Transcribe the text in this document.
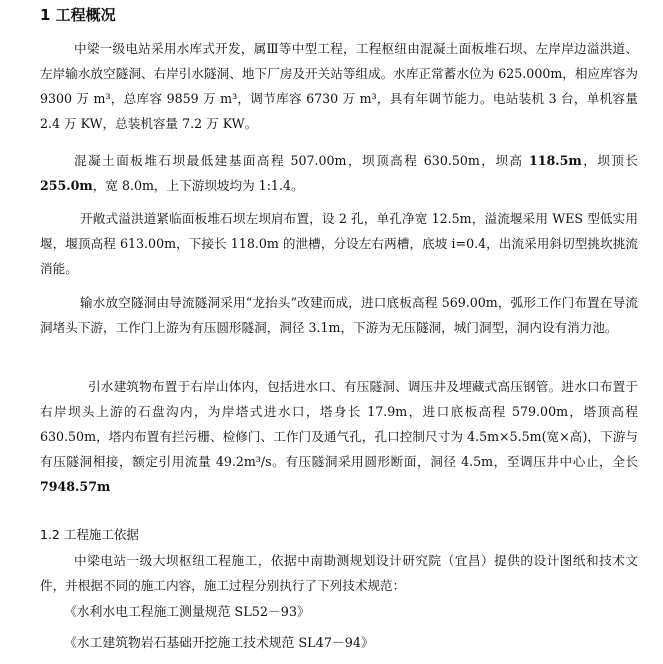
1 工程概况

中梁一级电站采用水库式开发，属Ⅲ等中型工程，工程枢纽由混凝土面板堆石坝、左岸岸边溢洪道、左岸输水放空隧洞、右岸引水隧洞、地下厂房及开关站等组成。水库正常蓄水位为 625.000m，相应库容为 9300 万 m³，总库容 9859 万 m³，调节库容 6730 万 m³，具有年调节能力。电站装机 3 台，单机容量 2.4 万 KW，总装机容量 7.2 万 KW。

混凝土面板堆石坝最低建基面高程 507.00m，坝顶高程 630.50m，坝高 118.5m，坝顶长 255.0m，宽 8.0m，上下游坝坡均为 1:1.4。

开敞式溢洪道紧临面板堆石坝左坝肩布置，设 2 孔，单孔净宽 12.5m，溢流堰采用 WES 型低实用堰，堰顶高程 613.00m，下接长 118.0m 的泄槽，分设左右两槽，底坡 i=0.4，出流采用斜切型挑坎挑流消能。

输水放空隧洞由导流隧洞采用“龙抬头”改建而成，进口底板高程 569.00m，弧形工作门布置在导流洞堵头下游，工作门上游为有压圆形隧洞，洞径 3.1m，下游为无压隧洞，城门洞型，洞内设有消力池。

引水建筑物布置于右岸山体内，包括进水口、有压隧洞、调压井及埋藏式高压钢管。进水口布置于右岸坝头上游的石盘沟内，为岸塔式进水口，塔身长 17.9m，进口底板高程 579.00m，塔顶高程 630.50m，塔内布置有拦污栅、检修门、工作门及通气孔，孔口控制尺寸为 4.5m×5.5m(宽×高)，下游与有压隧洞相接，额定引用流量 49.2m³/s。有压隧洞采用圆形断面，洞径 4.5m，至调压井中心止，全长 7948.57m

1.2 工程施工依据

中梁电站一级大坝枢纽工程施工，依据中南勘测规划设计研究院（宜昌）提供的设计图纸和技术文件，并根据不同的施工内容，施工过程分别执行了下列技术规范：

《水利水电工程施工测量规范 SL52－93》
《水工建筑物岩石基础开挖施工技术规范 SL47－94》
